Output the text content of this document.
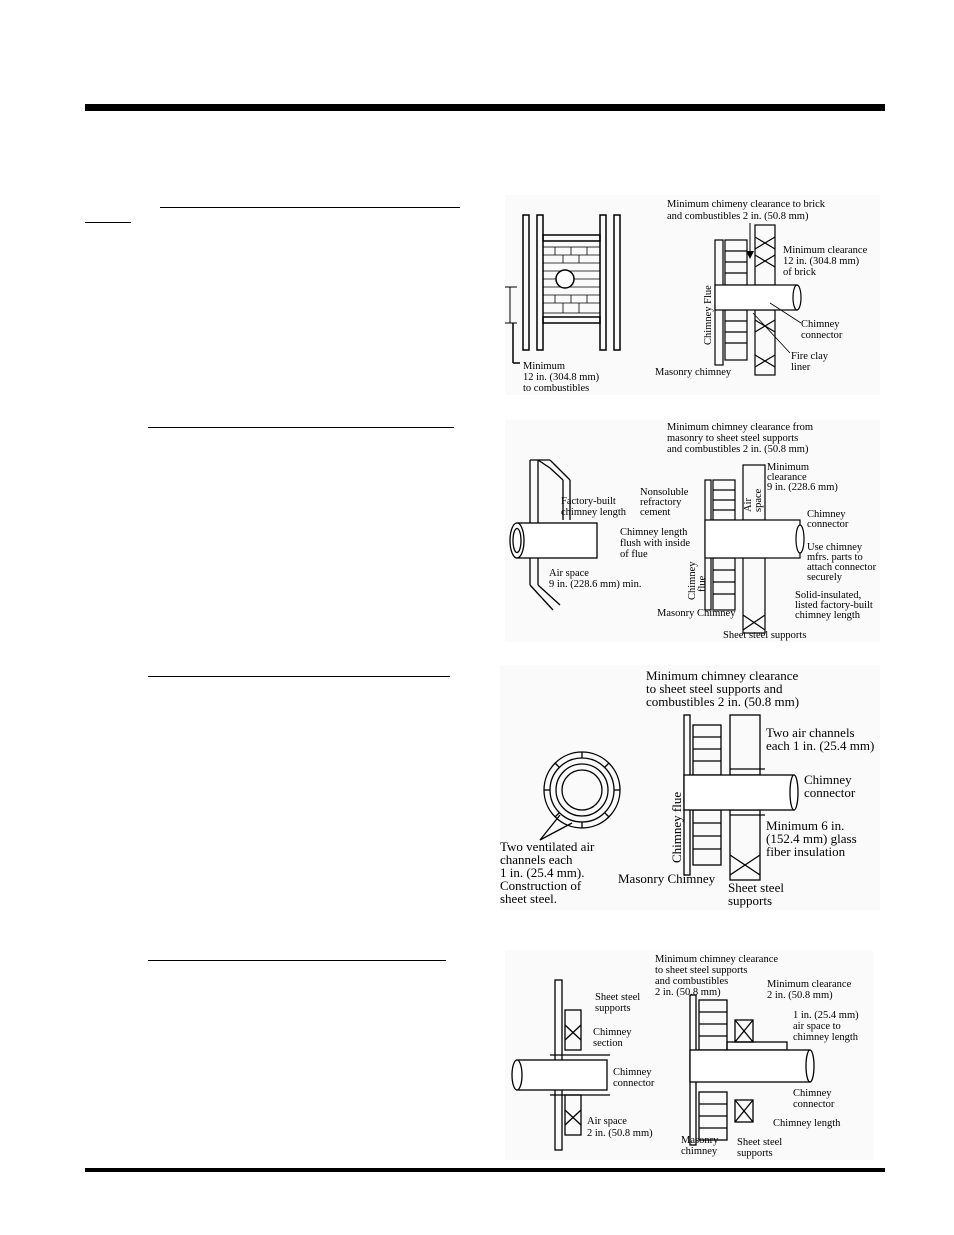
Minimum
12 in. (304.8 mm)
to combustibles
Minimum chimeny clearance to brick
and combustibles 2 in. (50.8 mm)
Minimum clearance
12 in. (304.8 mm)
of brick
Chimney Flue	Chimney
connector
Fire clay
liner
Masonry chimney
Factory-built
chimney length
Chimney length
flush with inside
of flue
Air space
9 in. (228.6 mm) min.
Minimum chimney clearance from
masonry to sheet steel supports
and combustibles 2 in. (50.8 mm)
Air space
Nonsoluble
refractory
cement
Minimum
clearance
9 in. (228.6 mm)
Chimney
connector
Use chimney
mfrs. parts to
attach connector
securely
Chimney flue
Solid-insulated,
listed factory-built
chimney length
Masonry Chimney
Sheet steel supports
Minimum chimney clearance
to sheet steel supports and
combustibles 2 in. (50.8 mm)
Two ventilated air
channels each
1 in. (25.4 mm).
Construction of
sheet steel.
Two air channels
each 1 in. (25.4 mm)
Chimney
connector
Chimney flue	Minimum 6 in.
(152.4 mm) glass
fiber insulation
Masonry Chimney
Sheet steel
supports
Sheet steel
supports
Chimney
section
Chimney
connector
Air space
2 in. (50.8 mm)
Minimum chimney clearance
to sheet steel supports
and combustibles
2 in. (50.8 mm)
Minimum clearance
2 in. (50.8 mm)
1 in. (25.4 mm)
air space to
chimney length
Chimney
connector
Chimney length
Masonry
chimney
Sheet steel
supports
